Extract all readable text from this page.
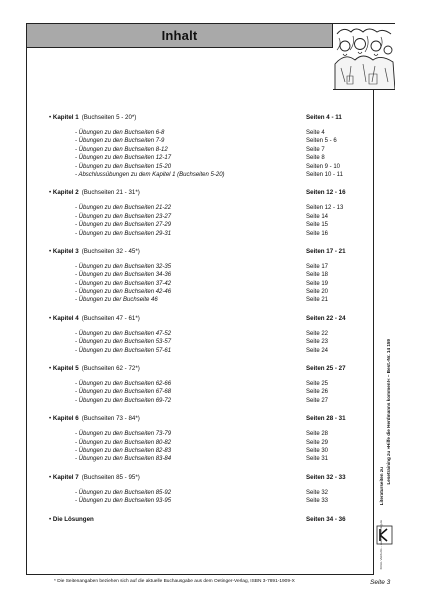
Inhalt
Lesetraining zu »Hilfe die Herdmanns kommen!« – Best.-Nr. 14 159
Literaturseiten zu
KOHL VERLAG – www.kohlverlag.de
• Kapitel 1 (Buchseiten 5 - 20*)	Seiten 4 - 11
- Übungen zu den Buchseiten 6-8	Seite 4
- Übungen zu den Buchseiten 7-9	Seiten 5 - 6
- Übungen zu den Buchseiten 8-12	Seite 7
- Übungen zu den Buchseiten 12-17	Seite 8
- Übungen zu den Buchseiten 15-20	Seiten 9 - 10
- Abschlussübungen zu dem Kapitel 1 (Buchseiten 5-20)	Seiten 10 - 11
• Kapitel 2 (Buchseiten 21 - 31*)	Seiten 12 - 16
- Übungen zu den Buchseiten 21-22	Seiten 12 - 13
- Übungen zu den Buchseiten 23-27	Seite 14
- Übungen zu den Buchseiten 27-29	Seite 15
- Übungen zu den Buchseiten 29-31	Seite 16
• Kapitel 3 (Buchseiten 32 - 45*)	Seiten 17 - 21
- Übungen zu den Buchseiten 32-35	Seite 17
- Übungen zu den Buchseiten 34-36	Seite 18
- Übungen zu den Buchseiten 37-42	Seite 19
- Übungen zu den Buchseiten 42-46	Seite 20
- Übungen zu der Buchseite 46	Seite 21
• Kapitel 4 (Buchseiten 47 - 61*)	Seiten 22 - 24
- Übungen zu den Buchseiten 47-52	Seite 22
- Übungen zu den Buchseiten 53-57	Seite 23
- Übungen zu den Buchseiten 57-61	Seite 24
• Kapitel 5 (Buchseiten 62 - 72*)	Seiten 25 - 27
- Übungen zu den Buchseiten 62-66	Seite 25
- Übungen zu den Buchseiten 67-68	Seite 26
- Übungen zu den Buchseiten 69-72	Seite 27
• Kapitel 6 (Buchseiten 73 - 84*)	Seiten 28 - 31
- Übungen zu den Buchseiten 73-79	Seite 28
- Übungen zu den Buchseiten 80-82	Seite 29
- Übungen zu den Buchseiten 82-83	Seite 30
- Übungen zu den Buchseiten 83-84	Seite 31
• Kapitel 7 (Buchseiten 85 - 95*)	Seiten 32 - 33
- Übungen zu den Buchseiten 85-92	Seite 32
- Übungen zu den Buchseiten 93-95	Seite 33
• Die Lösungen	Seiten 34 - 36
* Die Seitenangaben beziehen sich auf die aktuelle Buchausgabe aus dem Oetinger-Verlag, ISBN 3-7891-1909-X	Seite 3
